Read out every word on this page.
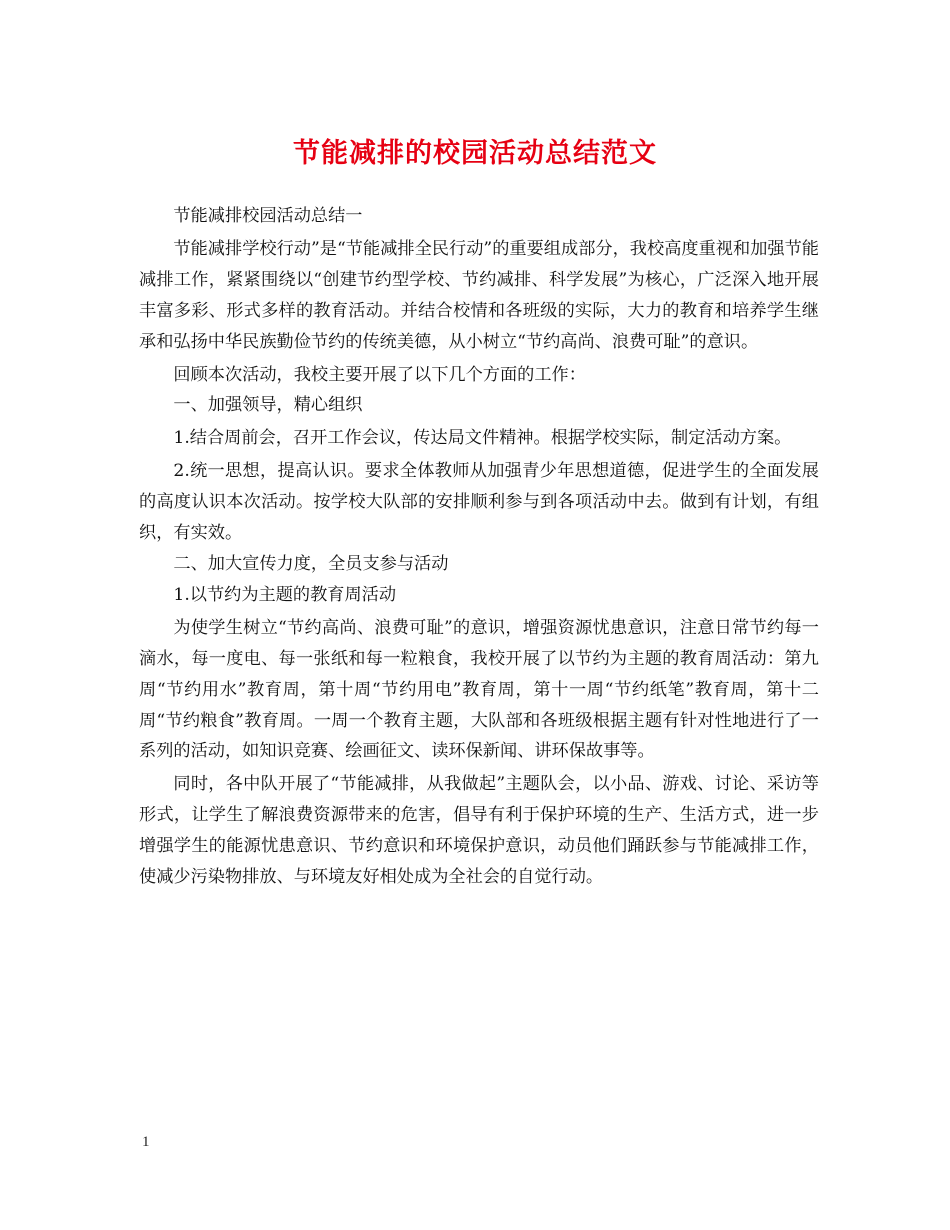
节能减排的校园活动总结范文

节能减排校园活动总结一

节能减排学校行动”是“节能减排全民行动”的重要组成部分，我校高度重视和加强节能减排工作，紧紧围绕以“创建节约型学校、节约减排、科学发展”为核心，广泛深入地开展丰富多彩、形式多样的教育活动。并结合校情和各班级的实际，大力的教育和培养学生继承和弘扬中华民族勤俭节约的传统美德，从小树立“节约高尚、浪费可耻”的意识。

回顾本次活动，我校主要开展了以下几个方面的工作：

一、加强领导，精心组织

1.结合周前会，召开工作会议，传达局文件精神。根据学校实际，制定活动方案。

2.统一思想，提高认识。要求全体教师从加强青少年思想道德，促进学生的全面发展的高度认识本次活动。按学校大队部的安排顺利参与到各项活动中去。做到有计划，有组织，有实效。

二、加大宣传力度，全员支参与活动

1.以节约为主题的教育周活动

为使学生树立“节约高尚、浪费可耻”的意识，增强资源忧患意识，注意日常节约每一滴水，每一度电、每一张纸和每一粒粮食，我校开展了以节约为主题的教育周活动：第九周“节约用水”教育周，第十周“节约用电”教育周，第十一周“节约纸笔”教育周，第十二周“节约粮食”教育周。一周一个教育主题，大队部和各班级根据主题有针对性地进行了一系列的活动，如知识竞赛、绘画征文、读环保新闻、讲环保故事等。

同时，各中队开展了“节能减排，从我做起”主题队会，以小品、游戏、讨论、采访等形式，让学生了解浪费资源带来的危害，倡导有利于保护环境的生产、生活方式，进一步增强学生的能源忧患意识、节约意识和环境保护意识，动员他们踊跃参与节能减排工作，使减少污染物排放、与环境友好相处成为全社会的自觉行动。

1
